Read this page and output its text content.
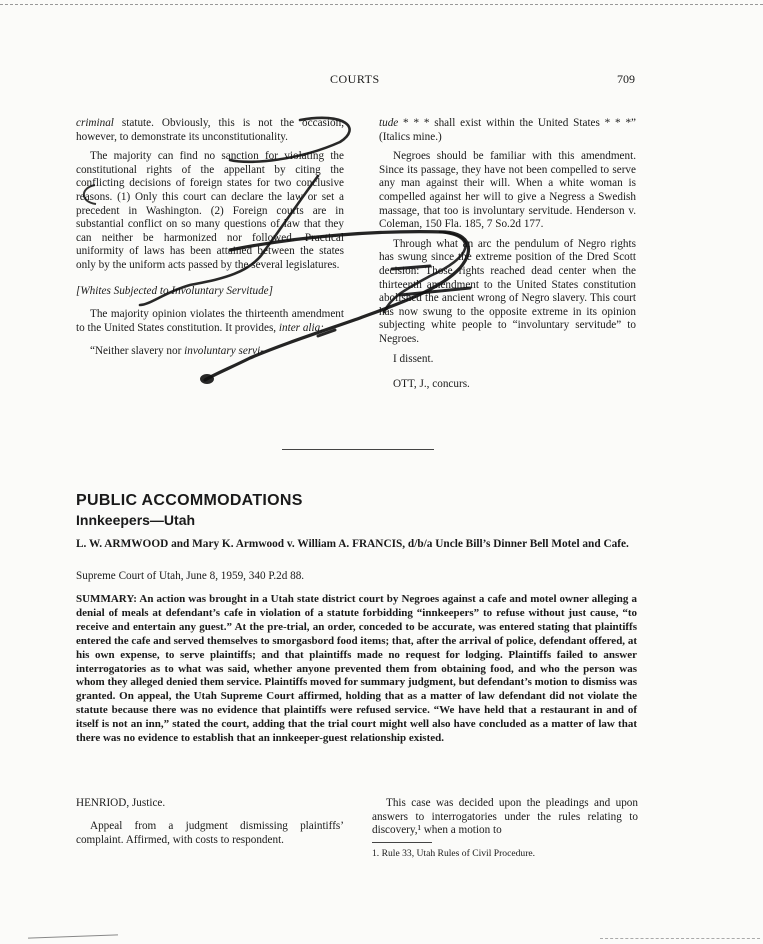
COURTS	709

criminal statute. Obviously, this is not the occasion, however, to demonstrate its unconstitutionality.

The majority can find no sanction for violating the constitutional rights of the appellant by citing the conflicting decisions of foreign states for two conclusive reasons. (1) Only this court can declare the law or set a precedent in Washington. (2) Foreign courts are in substantial conflict on so many questions of law that they can neither be harmonized nor followed. Practical uniformity of laws has been attained between the states only by the uniform acts passed by the several legislatures.

[Whites Subjected to Involuntary Servitude]

The majority opinion violates the thirteenth amendment to the United States constitution. It provides, inter alia:

“Neither slavery nor involuntary servi-

tude * * * shall exist within the United States * * *” (Italics mine.)

Negroes should be familiar with this amendment. Since its passage, they have not been compelled to serve any man against their will. When a white woman is compelled against her will to give a Negress a Swedish massage, that too is involuntary servitude. Henderson v. Coleman, 150 Fla. 185, 7 So.2d 177.

Through what an arc the pendulum of Negro rights has swung since the extreme position of the Dred Scott decision: Those rights reached dead center when the thirteenth amendment to the United States constitution abolished the ancient wrong of Negro slavery. This court has now swung to the opposite extreme in its opinion subjecting white people to “involuntary servitude” to Negroes.

I dissent.

OTT, J., concurs.

PUBLIC ACCOMMODATIONS
Innkeepers—Utah
L. W. ARMWOOD and Mary K. Armwood v. William A. FRANCIS, d/b/a Uncle Bill’s Dinner Bell Motel and Cafe.
Supreme Court of Utah, June 8, 1959, 340 P.2d 88.
SUMMARY: An action was brought in a Utah state district court by Negroes against a cafe and motel owner alleging a denial of meals at defendant’s cafe in violation of a statute forbidding “innkeepers” to refuse without just cause, “to receive and entertain any guest.” At the pre-trial, an order, conceded to be accurate, was entered stating that plaintiffs entered the cafe and served themselves to smorgasbord food items; that, after the arrival of police, defendant offered, at his own expense, to serve plaintiffs; and that plaintiffs made no request for lodging. Plaintiffs failed to answer interrogatories as to what was said, whether anyone prevented them from obtaining food, and who the person was whom they alleged denied them service. Plaintiffs moved for summary judgment, but defendant’s motion to dismiss was granted. On appeal, the Utah Supreme Court affirmed, holding that as a matter of law defendant did not violate the statute because there was no evidence that plaintiffs were refused service. “We have held that a restaurant in and of itself is not an inn,” stated the court, adding that the trial court might well also have concluded as a matter of law that there was no evidence to establish that an innkeeper-guest relationship existed.
HENRIOD, Justice.

Appeal from a judgment dismissing plaintiffs’ complaint. Affirmed, with costs to respondent.

This case was decided upon the pleadings and upon answers to interrogatories under the rules relating to discovery,¹ when a motion to

1. Rule 33, Utah Rules of Civil Procedure.
